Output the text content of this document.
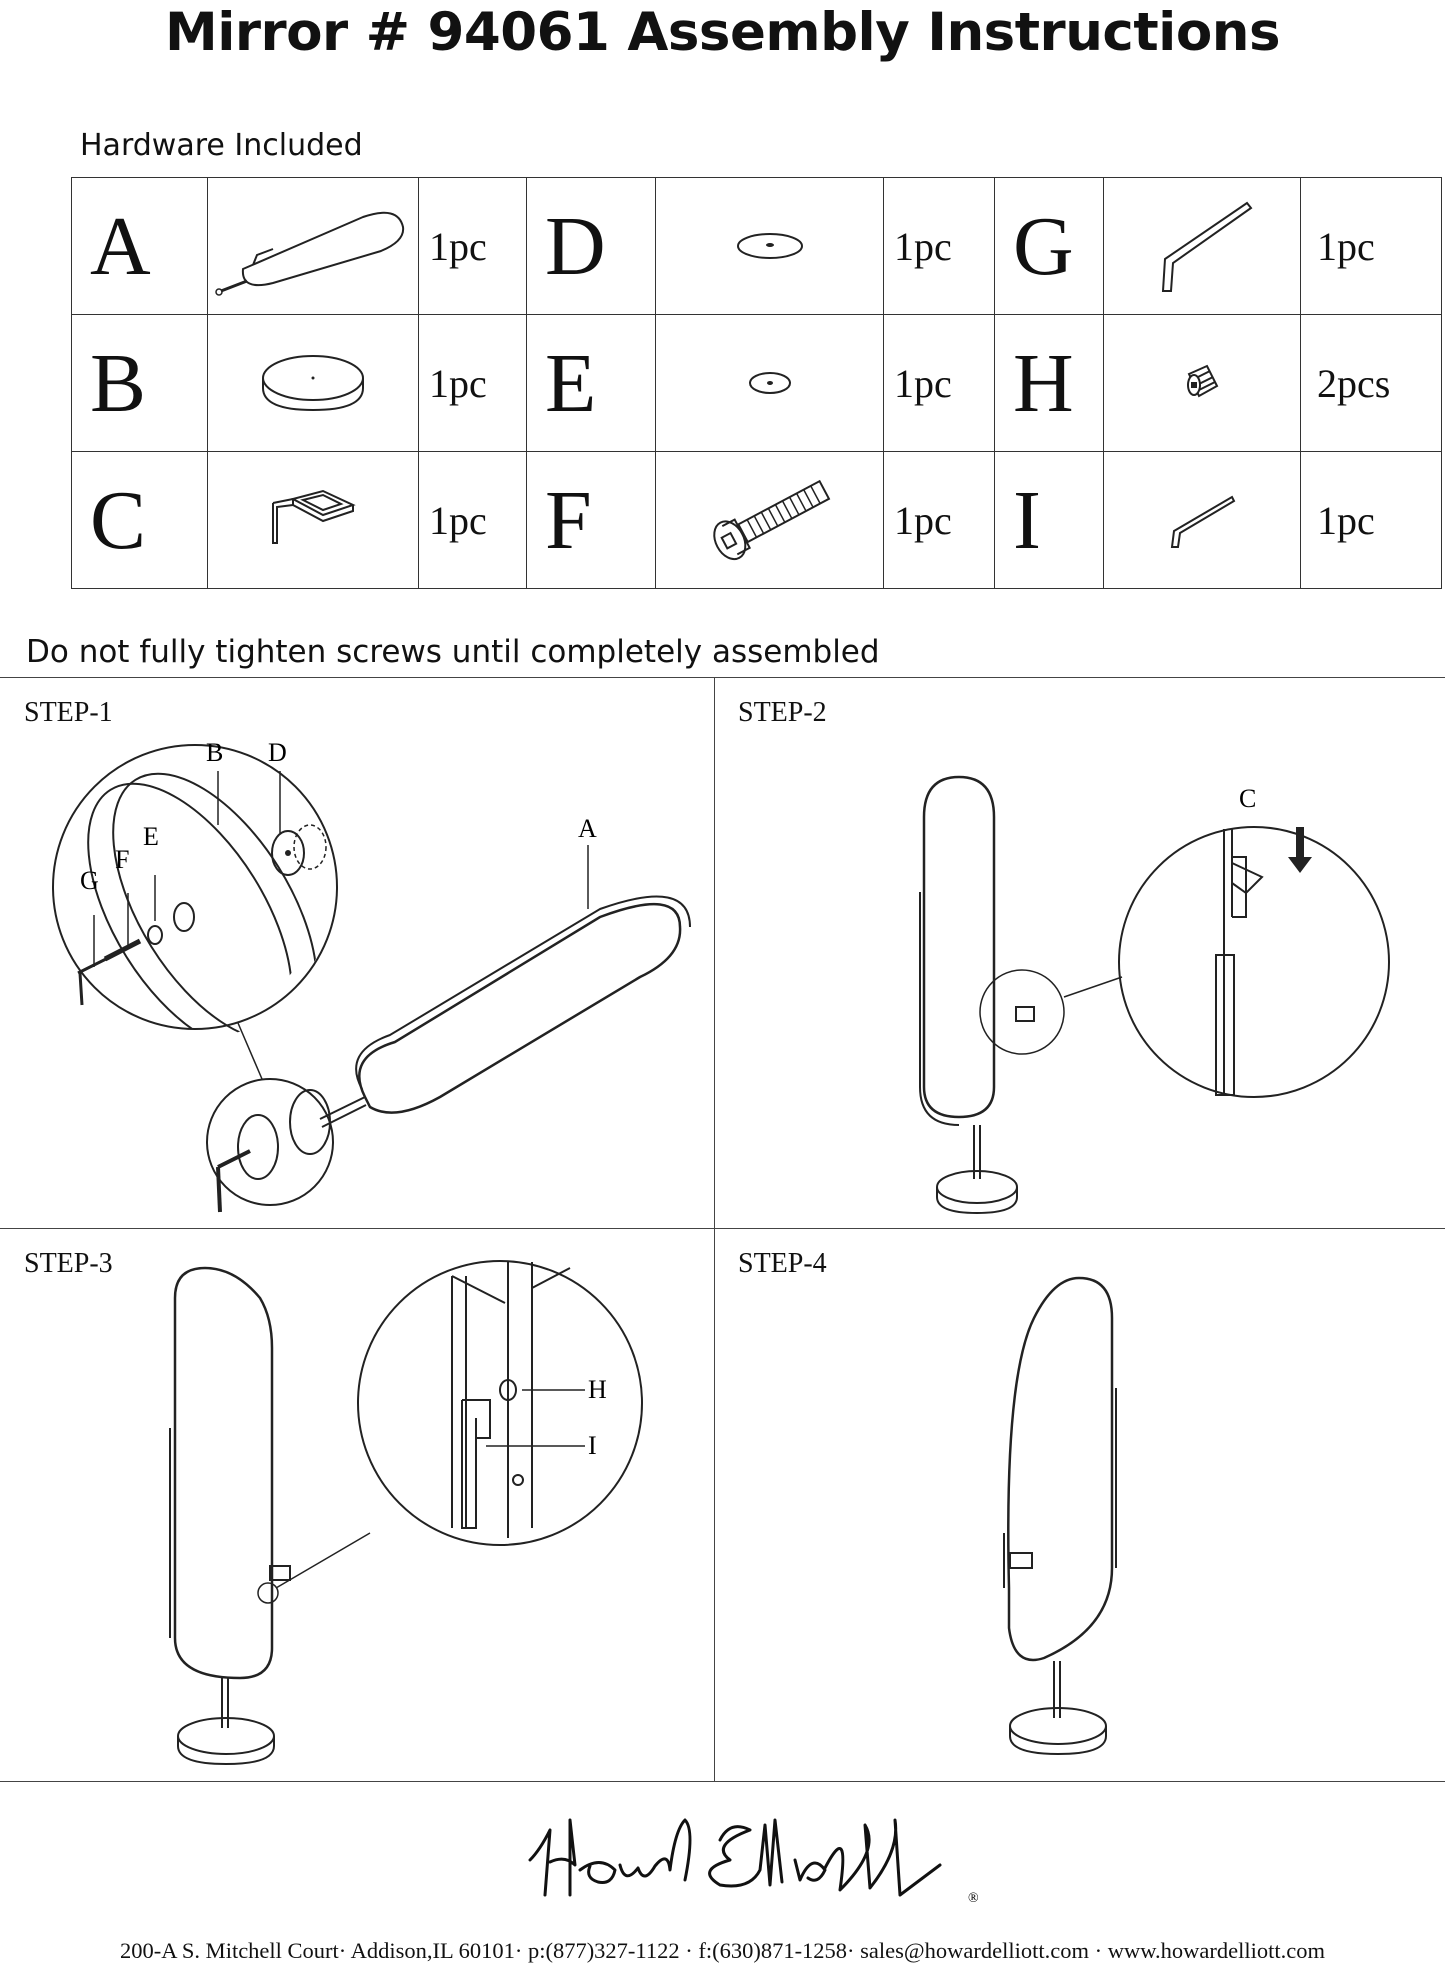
Mirror # 94061 Assembly Instructions
Hardware Included
A		1pc	D		1pc	G		1pc
B		1pc	E		1pc	H		2pcs
C		1pc	F		1pc	I		1pc
Do not fully tighten screws until completely assembled
STEP-1	STEP-2
STEP-3	STEP-4
B D
E
F
G
A
C
H
I
®
200-A S. Mitchell Court· Addison,IL 60101· p:(877)327-1122 · f:(630)871-1258· sales@howardelliott.com · www.howardelliott.com
